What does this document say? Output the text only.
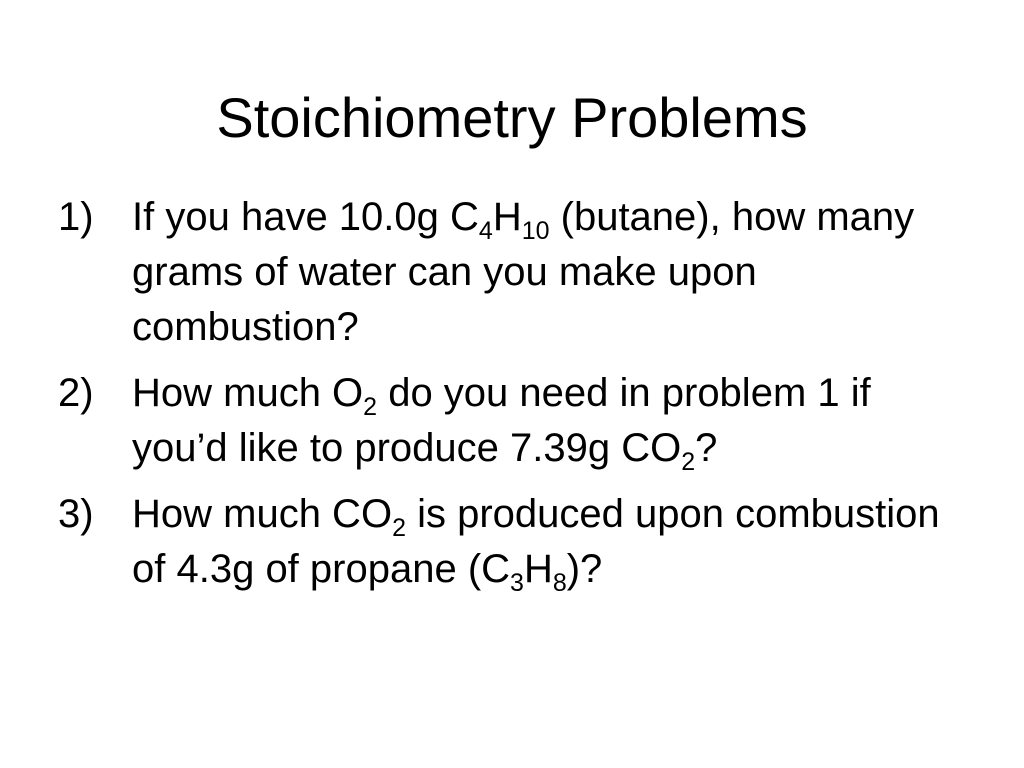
Stoichiometry Problems
1) If you have 10.0g $C_4H_{10}$ (butane), how many grams of water can you make upon combustion?
2) How much $O_2$ do you need in problem 1 if you’d like to produce 7.39g $CO_2$?
3) How much $CO_2$ is produced upon combustion of 4.3g of propane $(C_3H_8)$?
